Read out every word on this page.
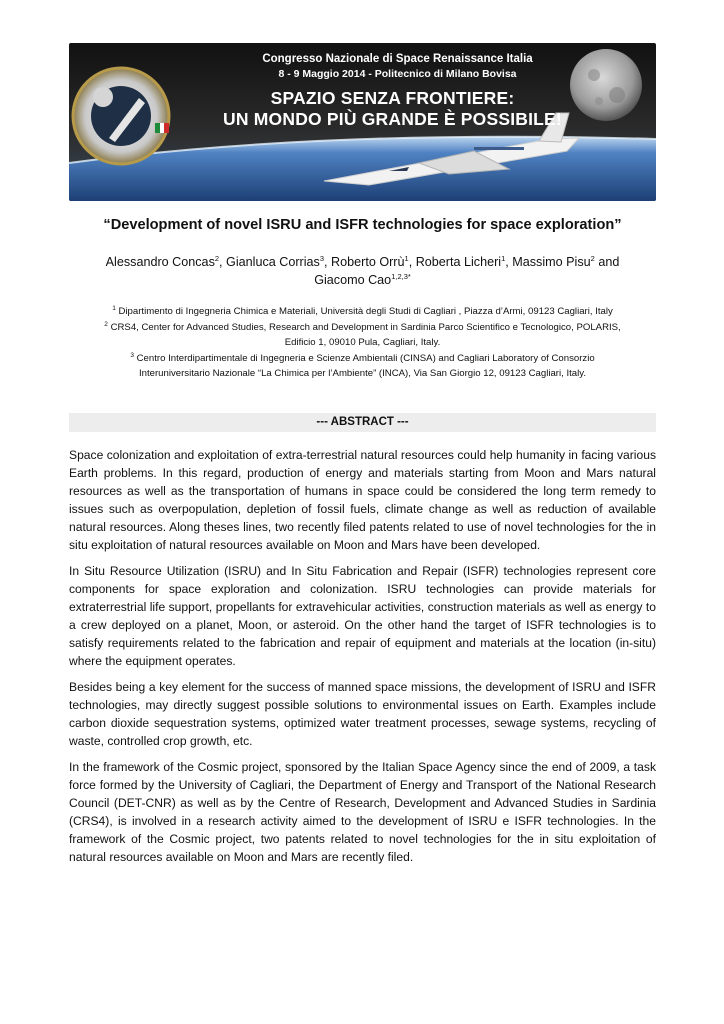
Congresso Nazionale di Space Renaissance Italia
8 - 9 Maggio 2014 - Politecnico di Milano Bovisa
SPAZIO SENZA FRONTIERE:
UN MONDO PIÙ GRANDE È POSSIBILE!
“Development of novel ISRU and ISFR technologies for space exploration”
Alessandro Concas$^2$, Gianluca Corrias$^3$, Roberto Orrù$^1$, Roberta Licheri$^1$, Massimo Pisu$^2$ and
Giacomo Cao$^{1,2,3*}$
$^1$ Dipartimento di Ingegneria Chimica e Materiali, Università degli Studi di Cagliari , Piazza d’Armi, 09123 Cagliari, Italy
$^2$ CRS4, Center for Advanced Studies, Research and Development in Sardinia Parco Scientifico e Tecnologico, POLARIS,
Edificio 1, 09010 Pula, Cagliari, Italy.
$^3$ Centro Interdipartimentale di Ingegneria e Scienze Ambientali (CINSA) and Cagliari Laboratory of Consorzio
Interuniversitario Nazionale “La Chimica per l’Ambiente” (INCA), Via San Giorgio 12, 09123 Cagliari, Italy.
--- ABSTRACT ---

Space colonization and exploitation of extra-terrestrial natural resources could help humanity in facing various Earth problems. In this regard, production of energy and materials starting from Moon and Mars natural resources as well as the transportation of humans in space could be considered the long term remedy to issues such as overpopulation, depletion of fossil fuels, climate change as well as reduction of available natural resources. Along theses lines, two recently filed patents related to use of novel technologies for the in situ exploitation of natural resources available on Moon and Mars have been developed.

In Situ Resource Utilization (ISRU) and In Situ Fabrication and Repair (ISFR) technologies represent core components for space exploration and colonization. ISRU technologies can provide materials for extraterrestrial life support, propellants for extravehicular activities, construction materials as well as energy to a crew deployed on a planet, Moon, or asteroid. On the other hand the target of ISFR technologies is to satisfy requirements related to the fabrication and repair of equipment and materials at the location (in-situ) where the equipment operates.

Besides being a key element for the success of manned space missions, the development of ISRU and ISFR technologies, may directly suggest possible solutions to environmental issues on Earth. Examples include carbon dioxide sequestration systems, optimized water treatment processes, sewage systems, recycling of waste, controlled crop growth, etc.

In the framework of the Cosmic project, sponsored by the Italian Space Agency since the end of 2009, a task force formed by the University of Cagliari, the Department of Energy and Transport of the National Research Council (DET-CNR) as well as by the Centre of Research, Development and Advanced Studies in Sardinia (CRS4), is involved in a research activity aimed to the development of ISRU e ISFR technologies. In the framework of the Cosmic project, two patents related to novel technologies for the in situ exploitation of natural resources available on Moon and Mars are recently filed.
